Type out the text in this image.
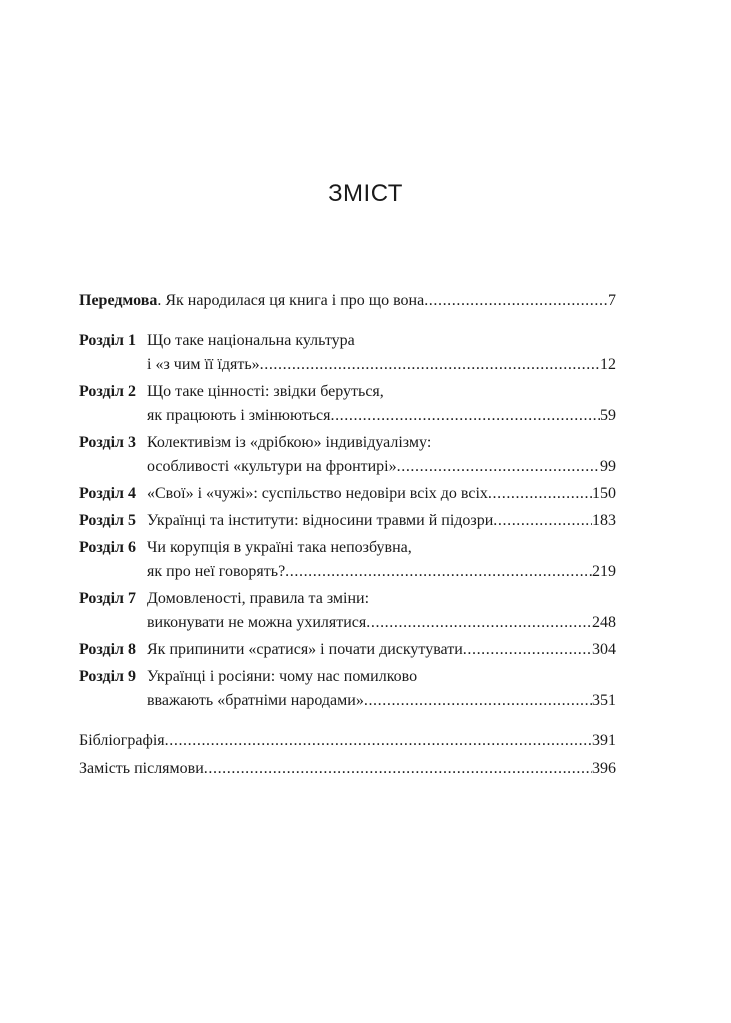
ЗМІСТ
Передмова . Як народилася ця книга і про що вона .....	7
Розділ 1 Що таке національна культура
і «з чим її їдять» .....	12
Розділ 2 Що таке цінності: звідки беруться,
як працюють і змінюються .....	59
Розділ 3 Колективізм із «дрібкою» індивідуалізму:
особливості «культури на фронтирі» .....	99
Розділ 4 «Свої» і «чужі»: суспільство недовіри всіх до всіх .....	150
Розділ 5 Українці та інститути: відносини травми й підозри .....	183
Розділ 6 Чи корупція в україні така непозбувна,
як про неї говорять? .....	219
Розділ 7 Домовленості, правила та зміни:
виконувати не можна ухилятися .....	248
Розділ 8 Як припинити «сратися» і почати дискутувати .....	304
Розділ 9 Українці і росіяни: чому нас помилково
вважають «братніми народами» .....	351
Бібліографія .....	391
Замість післямови .....	396
